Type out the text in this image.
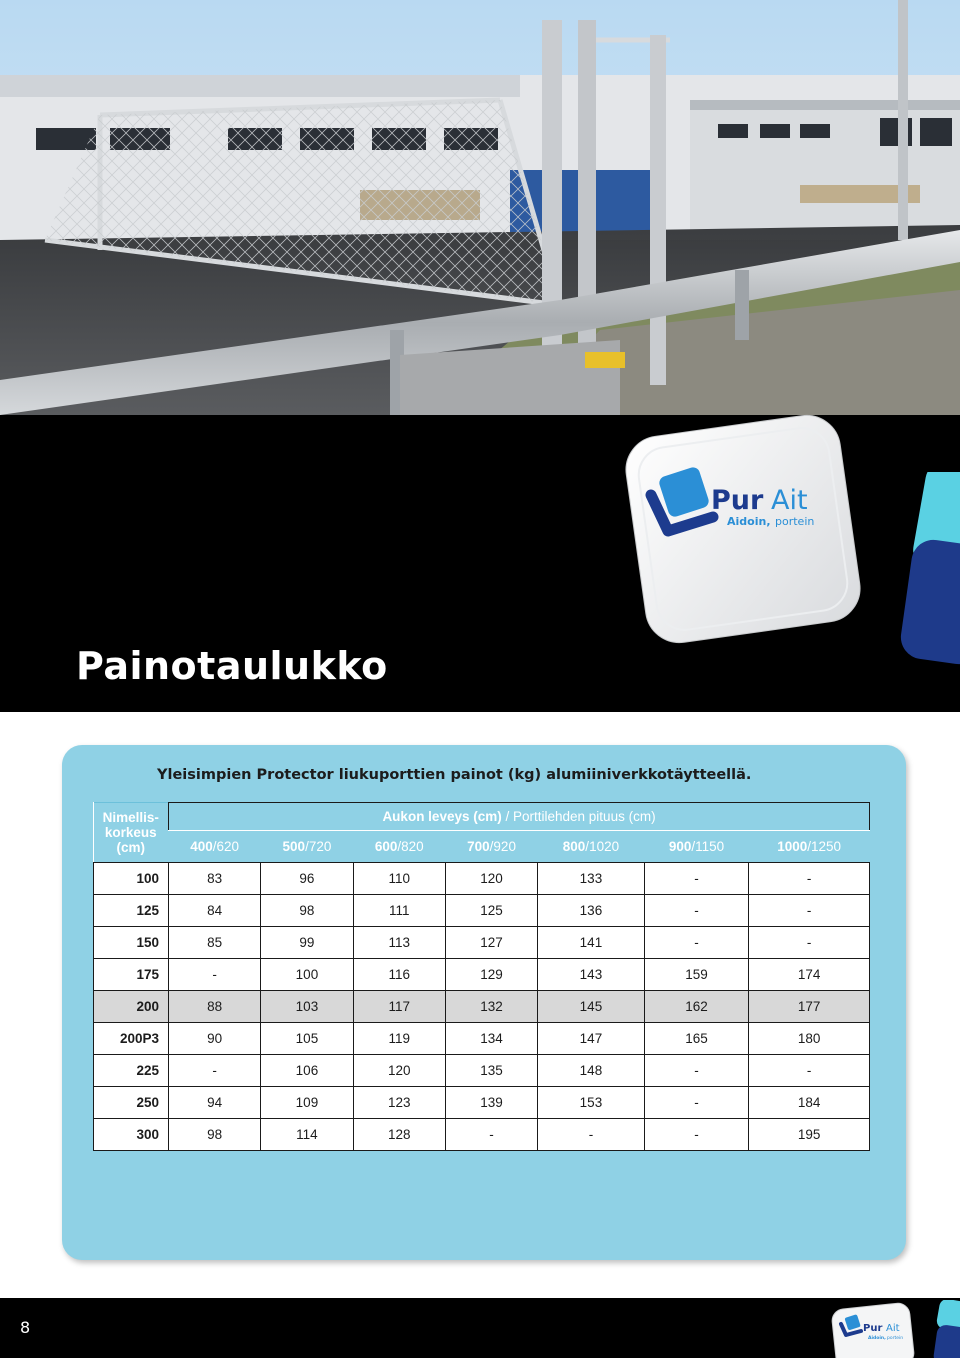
Painotaulukko
Pur Ait
Aidoin, portein

Yleisimpien Protector liukuporttien painot (kg) alumiiniverkkotäytteellä.

Nimellis-
korkeus
(cm)	Aukon leveys (cm) / Porttilehden pituus (cm)						
	400/620	500/720	600/820	700/920	800/1020	900/1150	1000/1250
100	83	96	110	120	133	-	-
125	84	98	111	125	136	-	-
150	85	99	113	127	141	-	-
175	-	100	116	129	143	159	174
200	88	103	117	132	145	162	177
200P3	90	105	119	134	147	165	180
225	-	106	120	135	148	-	-
250	94	109	123	139	153	-	184
300	98	114	128	-	-	-	195
8	Pur Ait
Aidoin, portein
